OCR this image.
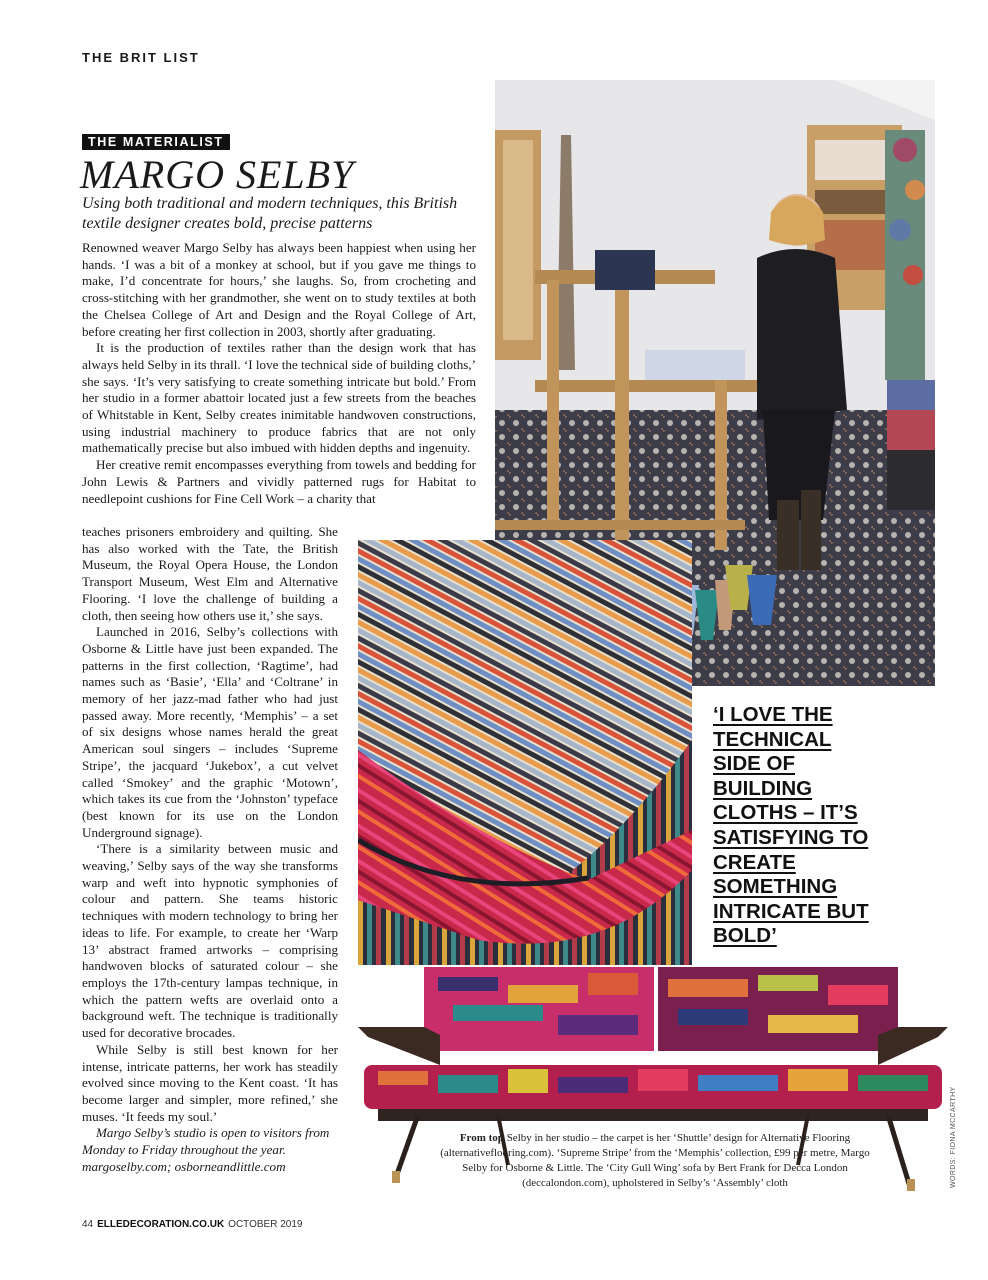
THE BRIT LIST
THE MATERIALIST
MARGO SELBY
Using both traditional and modern techniques, this British textile designer creates bold, precise patterns

Renowned weaver Margo Selby has always been happiest when using her hands. ‘I was a bit of a monkey at school, but if you gave me things to make, I’d concentrate for hours,’ she laughs. So, from crocheting and cross-stitching with her grandmother, she went on to study textiles at both the Chelsea College of Art and Design and the Royal College of Art, before creating her first collection in 2003, shortly after graduating.

It is the production of textiles rather than the design work that has always held Selby in its thrall. ‘I love the technical side of building cloths,’ she says. ‘It’s very satisfying to create something intricate but bold.’ From her studio in a former abattoir located just a few streets from the beaches of Whitstable in Kent, Selby creates inimitable handwoven constructions, using industrial machinery to produce fabrics that are not only mathematically precise but also imbued with hidden depths and ingenuity.

Her creative remit encompasses everything from towels and bedding for John Lewis & Partners and vividly patterned rugs for Habitat to needlepoint cushions for Fine Cell Work – a charity that

teaches prisoners embroidery and quilting. She has also worked with the Tate, the British Museum, the Royal Opera House, the London Transport Museum, West Elm and Alternative Flooring. ‘I love the challenge of building a cloth, then seeing how others use it,’ she says.

Launched in 2016, Selby’s collections with Osborne & Little have just been expanded. The patterns in the first collection, ‘Ragtime’, had names such as ‘Basie’, ‘Ella’ and ‘Coltrane’ in memory of her jazz-mad father who had just passed away. More recently, ‘Memphis’ – a set of six designs whose names herald the great American soul singers – includes ‘Supreme Stripe’, the jacquard ‘Jukebox’, a cut velvet called ‘Smokey’ and the graphic ‘Motown’, which takes its cue from the ‘Johnston’ typeface (best known for its use on the London Underground signage).

‘There is a similarity between music and weaving,’ Selby says of the way she transforms warp and weft into hypnotic symphonies of colour and pattern. She teams historic techniques with modern technology to bring her ideas to life. For example, to create her ‘Warp 13’ abstract framed artworks – comprising handwoven blocks of saturated colour – she employs the 17th-century lampas technique, in which the pattern wefts are overlaid onto a background weft. The technique is traditionally used for decorative brocades.

While Selby is still best known for her intense, intricate patterns, her work has steadily evolved since moving to the Kent coast. ‘It has become larger and simpler, more refined,’ she muses. ‘It feeds my soul.’

Margo Selby’s studio is open to visitors from Monday to Friday throughout the year. margoselby.com; osborneandlittle.com

‘I LOVE THE TECHNICAL SIDE OF BUILDING CLOTHS – IT’S SATISFYING TO CREATE SOMETHING INTRICATE BUT BOLD’
From top Selby in her studio – the carpet is her ‘Shuttle’ design for Alternative Flooring (alternativeflooring.com). ‘Supreme Stripe’ from the ‘Memphis’ collection, £99 per metre, Margo Selby for Osborne & Little. The ‘City Gull Wing’ sofa by Bert Frank for Decca London (deccalondon.com), upholstered in Selby’s ‘Assembly’ cloth	WORDS: FIONA MCCARTHY
44 ELLEDECORATION.CO.UK OCTOBER 2019
